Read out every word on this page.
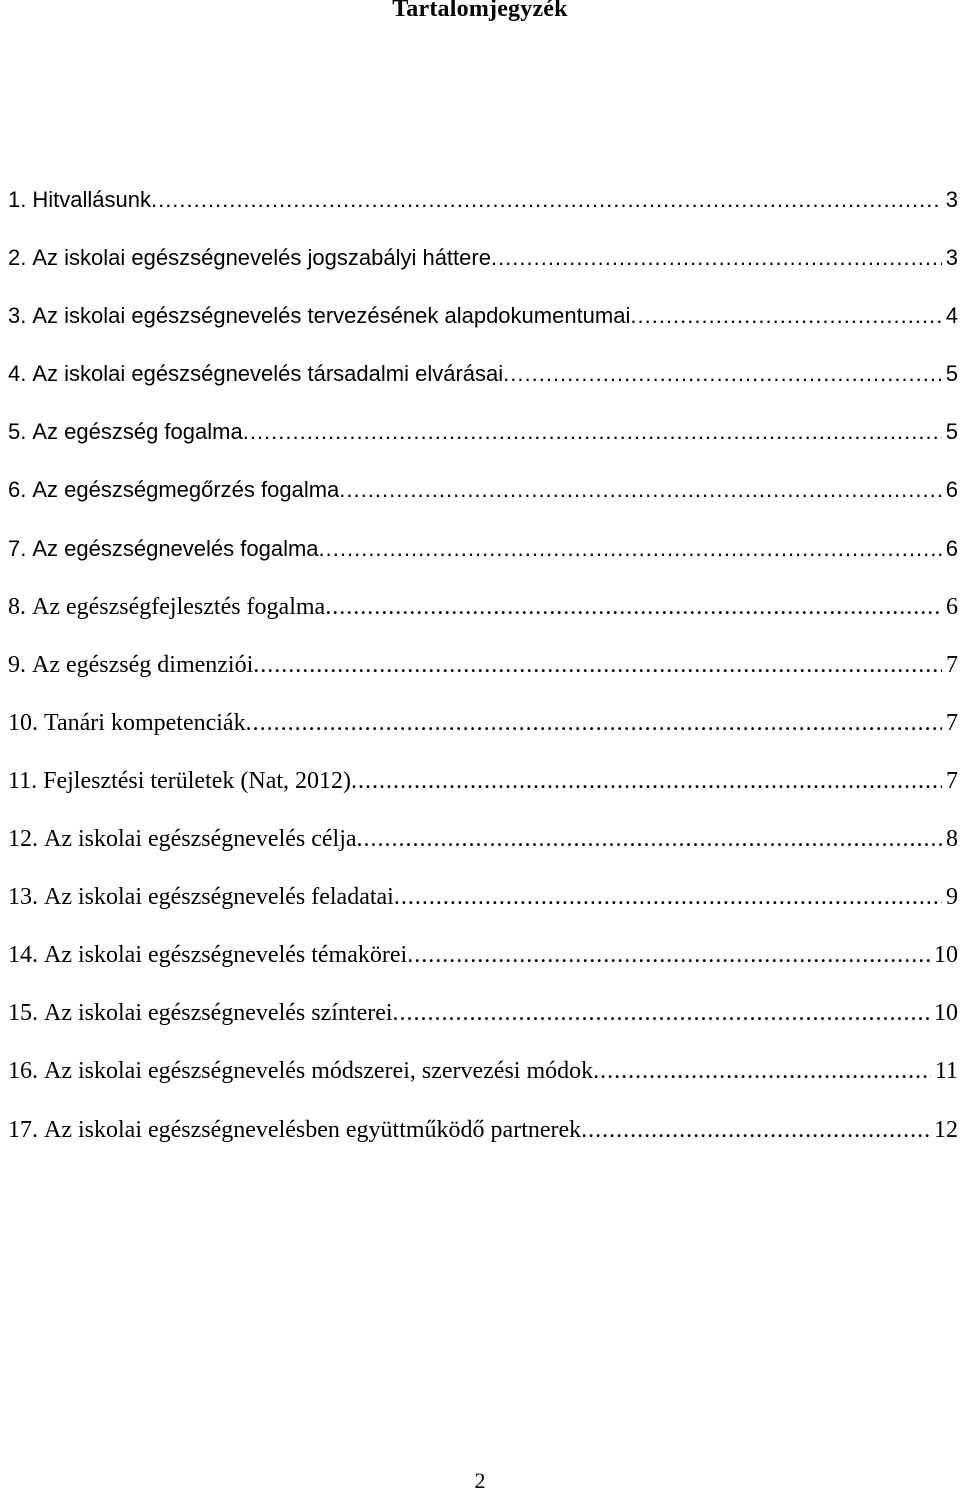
Tartalomjegyzék
1. Hitvallásunk .....	3
2. Az iskolai egészségnevelés jogszabályi háttere .....	3
3. Az iskolai egészségnevelés tervezésének alapdokumentumai .....	4
4. Az iskolai egészségnevelés társadalmi elvárásai .....	5
5. Az egészség fogalma .....	5
6. Az egészségmegőrzés fogalma .....	6
7. Az egészségnevelés fogalma .....	6
8. Az egészségfejlesztés fogalma .....	6
9. Az egészség dimenziói .....	7
10. Tanári kompetenciák .....	7
11. Fejlesztési területek (Nat, 2012) .....	7
12. Az iskolai egészségnevelés célja .....	8
13. Az iskolai egészségnevelés feladatai .....	9
14. Az iskolai egészségnevelés témakörei .....	10
15. Az iskolai egészségnevelés színterei .....	10
16. Az iskolai egészségnevelés módszerei, szervezési módok .....	11
17. Az iskolai egészségnevelésben együttműködő partnerek .....	12
2
